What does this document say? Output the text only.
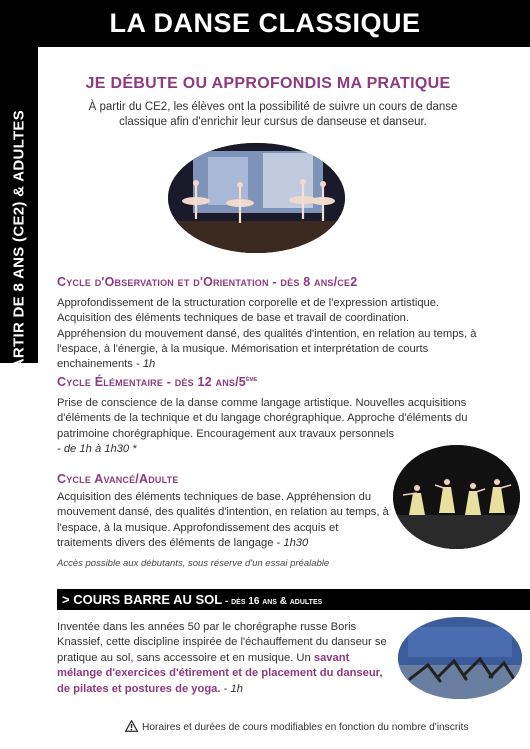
LA DANSE CLASSIQUE
À PARTIR DE 8 ANS (CE2) & ADULTES
JE DÉBUTE OU APPROFONDIS MA PRATIQUE
À partir du CE2, les élèves ont la possibilité de suivre un cours de danse classique afin d'enrichir leur cursus de danseuse et danseur.
Cycle d'Observation et d'Orientation - dès 8 ans/ce2
Approfondissement de la structuration corporelle et de l'expression artistique. Acquisition des éléments techniques de base et travail de coordination. Appréhension du mouvement dansé, des qualités d'intention, en relation au temps, à l'espace, à l'énergie, à la musique. Mémorisation et interprétation de courts enchainements - 1h
Cycle Élémentaire - dès 12 ans/5ème
Prise de conscience de la danse comme langage artistique. Nouvelles acquisitions d'éléments de la technique et du langage chorégraphique. Approche d'éléments du patrimoine chorégraphique. Encouragement aux travaux personnels
- de 1h à 1h30 *
Cycle Avancé/Adulte
Acquisition des éléments techniques de base. Appréhension du mouvement dansé, des qualités d'intention, en relation au temps, à l'espace, à la musique. Approfondissement des acquis et traitements divers des éléments de langage - 1h30
Accès possible aux débutants, sous réserve d'un essai préalable
> COURS BARRE AU SOL - dès 16 ans & adultes
Inventée dans les années 50 par le chorégraphe russe Boris Knassief, cette discipline inspirée de l'échauffement du danseur se pratique au sol, sans accessoire et en musique. Un savant mélange d'exercices d'étirement et de placement du danseur, de pilates et postures de yoga. - 1h
Horaires et durées de cours modifiables en fonction du nombre d'inscrits
